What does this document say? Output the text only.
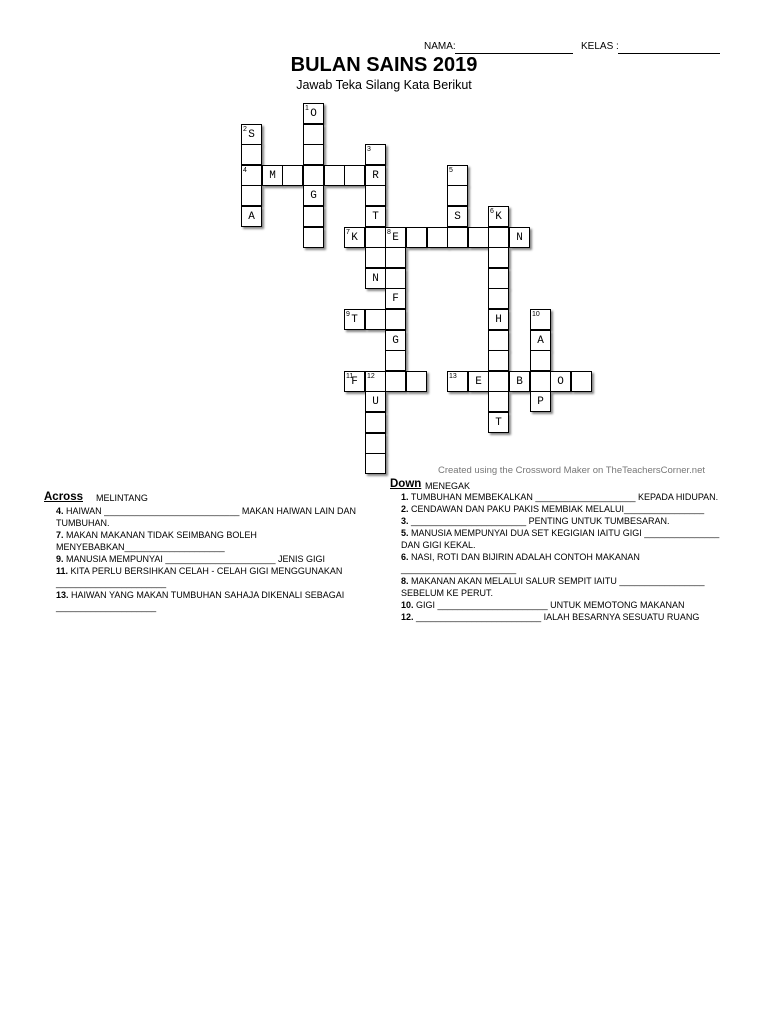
NAMA:	KELAS :
BULAN SAINS 2019
Jawab Teka Silang Kata Berikut
1 O
2 S
3
4	M	R	5
G
A	T	S	6 K
7 K	8 E	N
N
F
9 T	H	10
G	A
11
F	12	13	E	B	O
U	P
T
Created using the Crossword Maker on TheTeachersCorner.net
Across MELINTANG
4. HAIWAN ___________________________ MAKAN HAIWAN LAIN DAN TUMBUHAN.
7. MAKAN MAKANAN TIDAK SEIMBANG BOLEH MENYEBABKAN____________________
9. MANUSIA MEMPUNYAI ______________________ JENIS GIGI
11. KITA PERLU BERSIHKAN CELAH - CELAH GIGI MENGGUNAKAN ______________________
13. HAIWAN YANG MAKAN TUMBUHAN SAHAJA DIKENALI SEBAGAI ____________________
Down MENEGAK
1. TUMBUHAN MEMBEKALKAN ____________________ KEPADA HIDUPAN.
2. CENDAWAN DAN PAKU PAKIS MEMBIAK MELALUI________________
3. _______________________ PENTING UNTUK TUMBESARAN.
5. MANUSIA MEMPUNYAI DUA SET KEGIGIAN IAITU GIGI _______________ DAN GIGI KEKAL.
6. NASI, ROTI DAN BIJIRIN ADALAH CONTOH MAKANAN _______________________
8. MAKANAN AKAN MELALUI SALUR SEMPIT IAITU _________________ SEBELUM KE PERUT.
10. GIGI ______________________ UNTUK MEMOTONG MAKANAN
12. _________________________ IALAH BESARNYA SESUATU RUANG
